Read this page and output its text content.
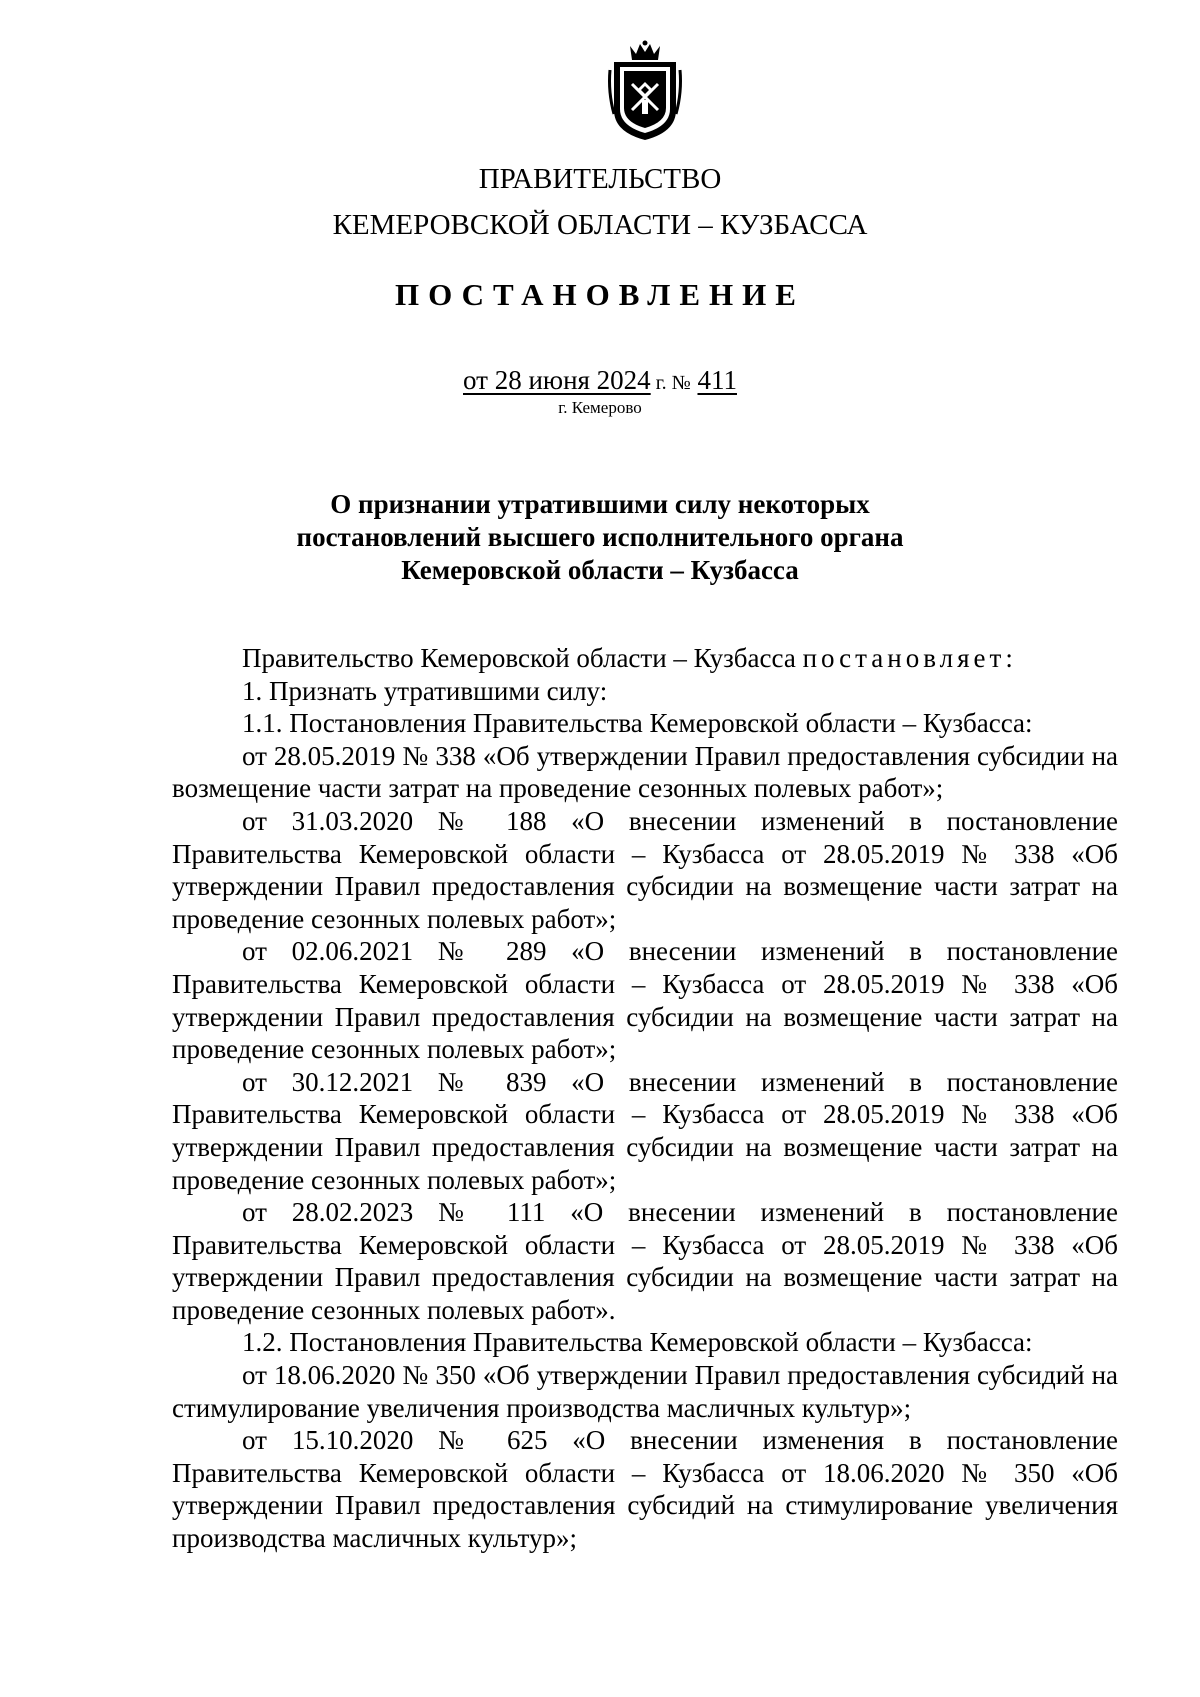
ПРАВИТЕЛЬСТВО
КЕМЕРОВСКОЙ ОБЛАСТИ – КУЗБАССА
ПОСТАНОВЛЕНИЕ
от 28 июня 2024 г. № 411
г. Кемерово
О признании утратившими силу некоторых
постановлений высшего исполнительного органа
Кемеровской области – Кузбасса

Правительство Кемеровской области – Кузбасса постановляет:

1. Признать утратившими силу:

1.1. Постановления Правительства Кемеровской области – Кузбасса:

от 28.05.2019 № 338 «Об утверждении Правил предоставления субсидии на возмещение части затрат на проведение сезонных полевых работ»;

от 31.03.2020 № 188 «О внесении изменений в постановление Правительства Кемеровской области – Кузбасса от 28.05.2019 № 338 «Об утверждении Правил предоставления субсидии на возмещение части затрат на проведение сезонных полевых работ»;

от 02.06.2021 № 289 «О внесении изменений в постановление Правительства Кемеровской области – Кузбасса от 28.05.2019 № 338 «Об утверждении Правил предоставления субсидии на возмещение части затрат на проведение сезонных полевых работ»;

от 30.12.2021 № 839 «О внесении изменений в постановление Правительства Кемеровской области – Кузбасса от 28.05.2019 № 338 «Об утверждении Правил предоставления субсидии на возмещение части затрат на проведение сезонных полевых работ»;

от 28.02.2023 № 111 «О внесении изменений в постановление Правительства Кемеровской области – Кузбасса от 28.05.2019 № 338 «Об утверждении Правил предоставления субсидии на возмещение части затрат на проведение сезонных полевых работ».

1.2. Постановления Правительства Кемеровской области – Кузбасса:

от 18.06.2020 № 350 «Об утверждении Правил предоставления субсидий на стимулирование увеличения производства масличных культур»;

от 15.10.2020 № 625 «О внесении изменения в постановление Правительства Кемеровской области – Кузбасса от 18.06.2020 № 350 «Об утверждении Правил предоставления субсидий на стимулирование увеличения производства масличных культур»;
